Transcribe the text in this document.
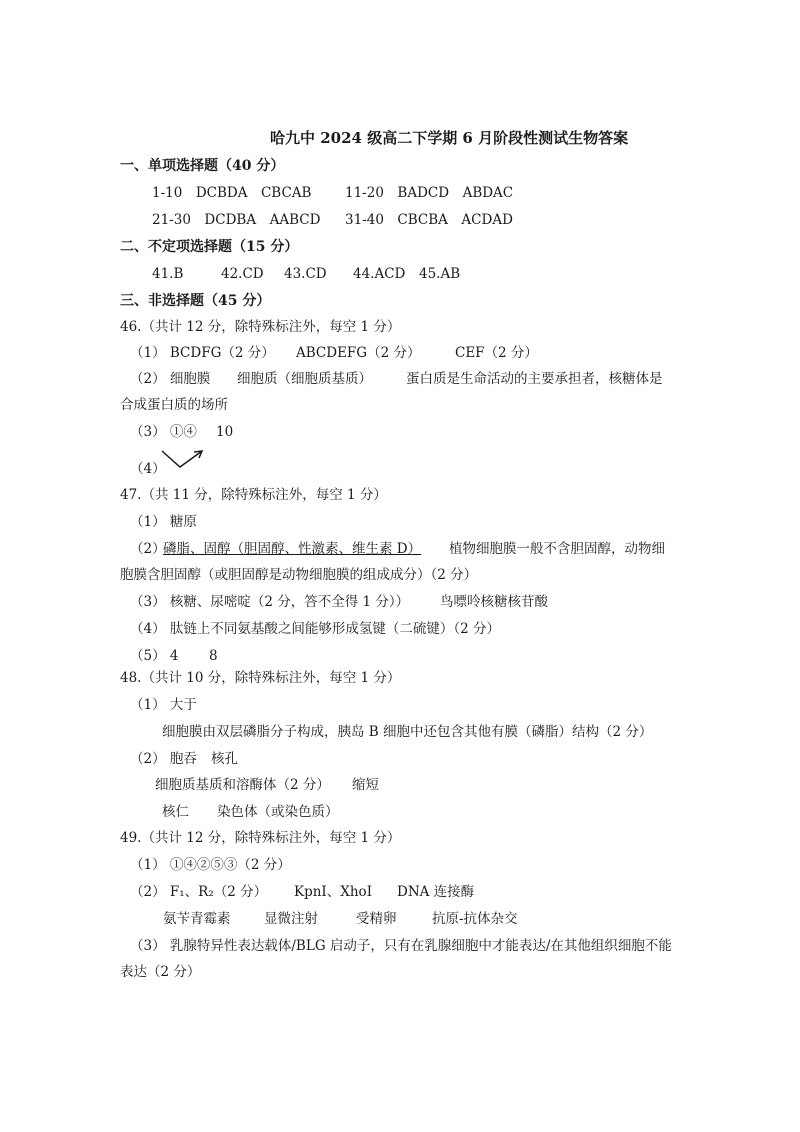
哈九中 2024 级高二下学期 6 月阶段性测试生物答案
一、单项选择题（40 分）
1-10　DCBDA　CBCAB 11-20　BADCD　ABDAC
21-30　DCDBA　AABCD 31-40　CBCBA　ACDAD
二、不定项选择题（15 分）
41.B	42.CD 43.CD 44.ACD 45.AB
三、非选择题（45 分）
46.（共计 12 分，除特殊标注外，每空 1 分）
（1） BCDFG（2 分） ABCDEFG（2 分）	CEF（2 分）
（2） 细胞膜 细胞质（细胞质基质）	蛋白质是生命活动的主要承担者，核糖体是
合成蛋白质的场所
（3） ①④ 10
（4）
47.（共 11 分，除特殊标注外，每空 1 分）
（1） 糖原
（2）
磷脂、固醇（胆固醇、性激素、维生素 D） 植物细胞膜一般不含胆固醇，动物细
胞膜含胆固醇（或胆固醇是动物细胞膜的组成成分）（2 分）
（3） 核糖、尿嘧啶（2 分，答不全得 1 分）） 鸟嘌呤核糖核苷酸
（4） 肽链上不同氨基酸之间能够形成氢键（二硫键）（2 分）
（5） 4 8
48.（共计 10 分，除特殊标注外，每空 1 分）
（1） 大于
细胞膜由双层磷脂分子构成，胰岛 B 细胞中还包含其他有膜（磷脂）结构（2 分）
（2） 胞吞 核孔
细胞质基质和溶酶体（2 分） 缩短
核仁 染色体（或染色质）
49.（共计 12 分，除特殊标注外，每空 1 分）
（1） ①④②⑤③（2 分）
（2） F₁、R₂（2 分） KpnI、XhoI DNA 连接酶
氨苄青霉素 显微注射	受精卵	抗原-抗体杂交
（3） 乳腺特异性表达载体/BLG 启动子，只有在乳腺细胞中才能表达/在其他组织细胞不能
表达（2 分）
